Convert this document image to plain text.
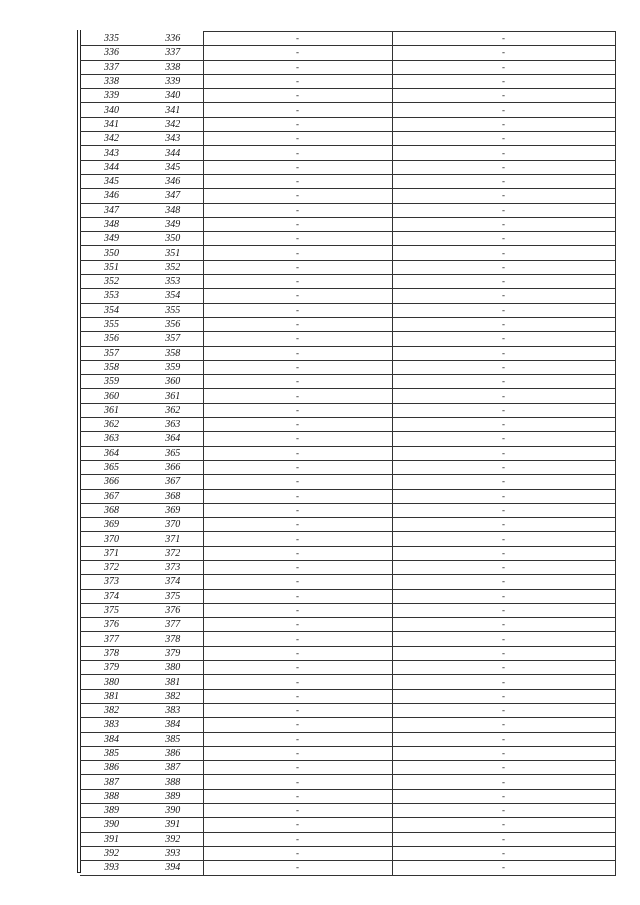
335	336	-	-
336	337	-	-
337	338	-	-
338	339	-	-
339	340	-	-
340	341	-	-
341	342	-	-
342	343	-	-
343	344	-	-
344	345	-	-
345	346	-	-
346	347	-	-
347	348	-	-
348	349	-	-
349	350	-	-
350	351	-	-
351	352	-	-
352	353	-	-
353	354	-	-
354	355	-	-
355	356	-	-
356	357	-	-
357	358	-	-
358	359	-	-
359	360	-	-
360	361	-	-
361	362	-	-
362	363	-	-
363	364	-	-
364	365	-	-
365	366	-	-
366	367	-	-
367	368	-	-
368	369	-	-
369	370	-	-
370	371	-	-
371	372	-	-
372	373	-	-
373	374	-	-
374	375	-	-
375	376	-	-
376	377	-	-
377	378	-	-
378	379	-	-
379	380	-	-
380	381	-	-
381	382	-	-
382	383	-	-
383	384	-	-
384	385	-	-
385	386	-	-
386	387	-	-
387	388	-	-
388	389	-	-
389	390	-	-
390	391	-	-
391	392	-	-
392	393	-	-
393	394	-	-
